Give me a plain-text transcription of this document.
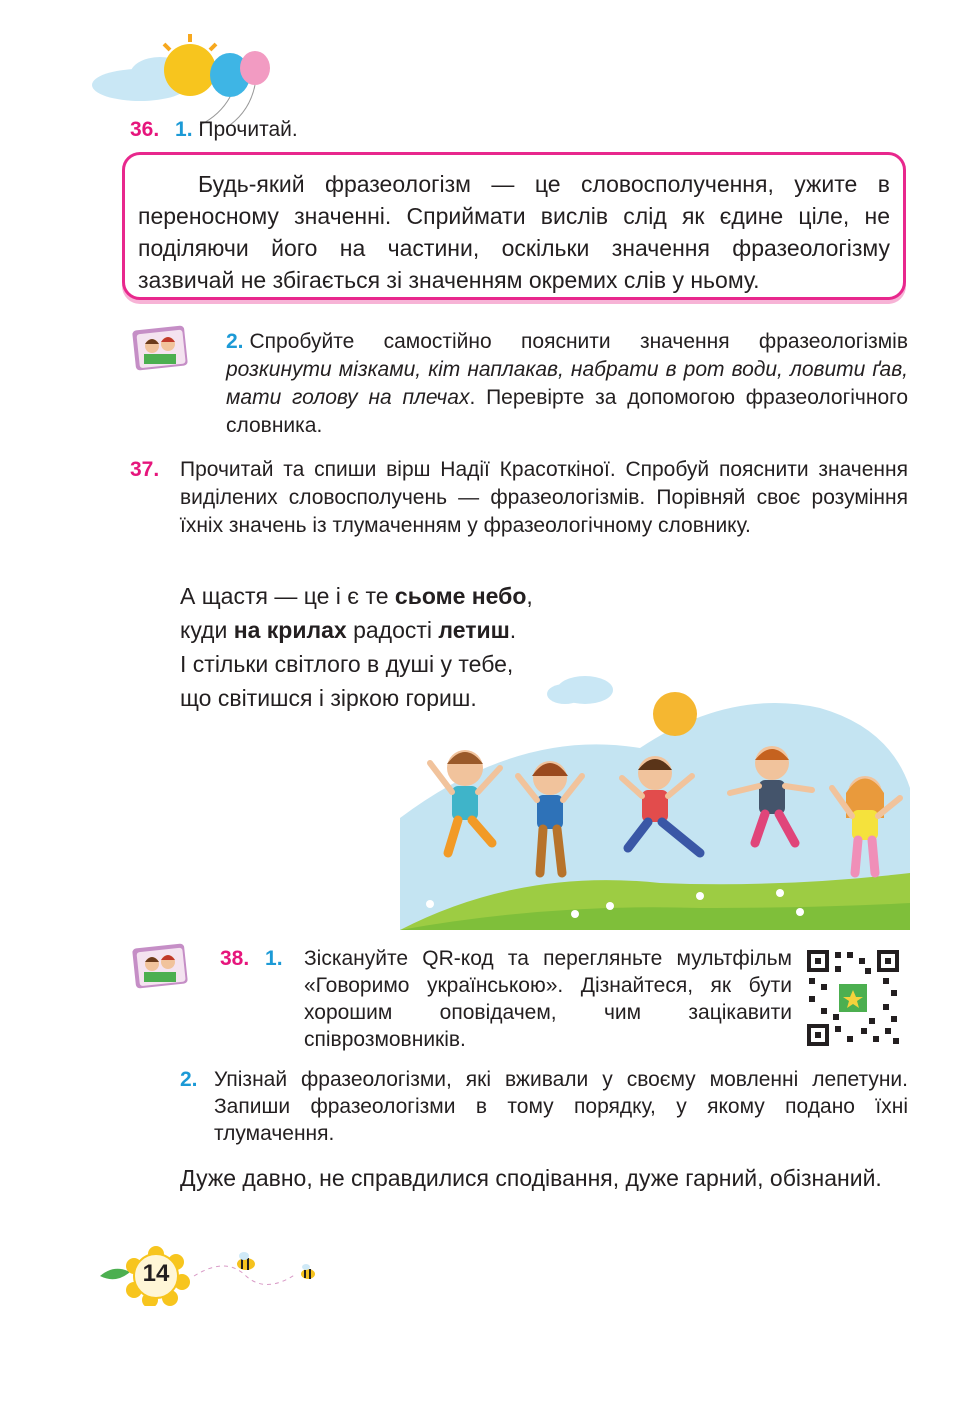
36. 1. Прочитай.
Будь-який фразеологізм — це словосполучення, ужите в переносному значенні. Сприймати вислів слід як єдине ціле, не поділяючи його на частини, оскільки значення фразеологізму зазвичай не збігається зі значенням окремих слів у ньому.
2. Спробуйте самостійно пояснити значення фразеологізмів розкинути мізками, кіт наплакав, набрати в рот води, ловити ґав, мати голову на плечах. Перевірте за допомогою фразеологічного словника.
37. Прочитай та спиши вірш Надії Красоткіної. Спробуй пояснити значення виділених словосполучень — фразеологізмів. Порівняй своє розуміння їхніх значень із тлумаченням у фразеологічному словнику.
А щастя — це і є те сьоме небо,
куди на крилах радості летиш.
І стільки світлого в душі у тебе,
що світишся і зіркою гориш.
38. 1. Зіскануйте QR-код та перегляньте мультфільм «Говоримо українською». Дізнайтеся, як бути хорошим оповідачем, чим зацікавити співрозмовників.
2. Упізнай фразеологізми, які вживали у своєму мовленні лепетуни. Запиши фразеологізми в тому порядку, у якому подано їхні тлумачення.
Дуже давно, не справдилися сподівання, дуже гарний, обізнаний.
14
